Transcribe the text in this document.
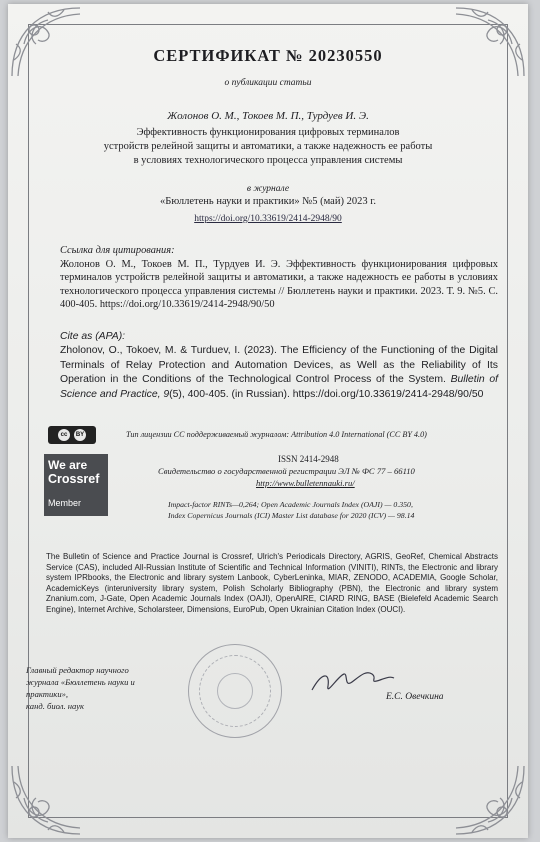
СЕРТИФИКАТ № 20230550
о публикации статьи
Жолонов О. М., Токоев М. П., Турдуев И. Э.
Эффективность функционирования цифровых терминалов
устройств релейной защиты и автоматики, а также надежность ее работы
в условиях технологического процесса управления системы
в журнале
«Бюллетень науки и практики» №5 (май) 2023 г.
https://doi.org/10.33619/2414-2948/90
Ссылка для цитирования:
Жолонов О. М., Токоев М. П., Турдуев И. Э. Эффективность функционирования цифровых терминалов устройств релейной защиты и автоматики, а также надежность ее работы в условиях технологического процесса управления системы // Бюллетень науки и практики. 2023. Т. 9. №5. С. 400-405. https://doi.org/10.33619/2414-2948/90/50
Cite as (APA):
Zholonov, O., Tokoev, M. & Turduev, I. (2023). The Efficiency of the Functioning of the Digital Terminals of Relay Protection and Automation Devices, as Well as the Reliability of Its Operation in the Conditions of the Technological Control Process of the System. Bulletin of Science and Practice, 9(5), 400-405. (in Russian). https://doi.org/10.33619/2414-2948/90/50
cc	BY	Тип лицензии CC поддерживаемый журналом: Attribution 4.0 International (CC BY 4.0)
We are
Crossref
Member
ISSN 2414-2948
Свидетельство о государственной регистрации ЭЛ № ФС 77 – 66110
http://www.bulletennauki.ru/
Impact-factor RINTs—0,264; Open Academic Journals Index (OAJI) — 0.350,
Index Copernicus Journals (ICI) Master List database for 2020 (ICV) — 98.14
The Bulletin of Science and Practice Journal is Crossref, Ulrich's Periodicals Directory, AGRIS, GeoRef, Chemical Abstracts Service (CAS), included All-Russian Institute of Scientific and Technical Information (VINITI), RINTs, the Electronic and library system IPRbooks, the Electronic and library system Lanbook, CyberLeninka, MIAR, ZENODO, ACADEMIA, Google Scholar, AcademicKeys (interuniversity library system, Polish Scholarly Bibliography (PBN), the Electronic and library system Znanium.com, J-Gate, Open Academic Journals Index (OAJI), OpenAIRE, CIARD RING, BASE (Bielefeld Academic Search Engine), Internet Archive, Scholarsteer, Dimensions, EuroPub, Open Ukrainian Citation Index (OUCI).
Главный редактор научного
журнала «Бюллетень науки и
практики»,
канд. биол. наук
Е.С. Овечкина
